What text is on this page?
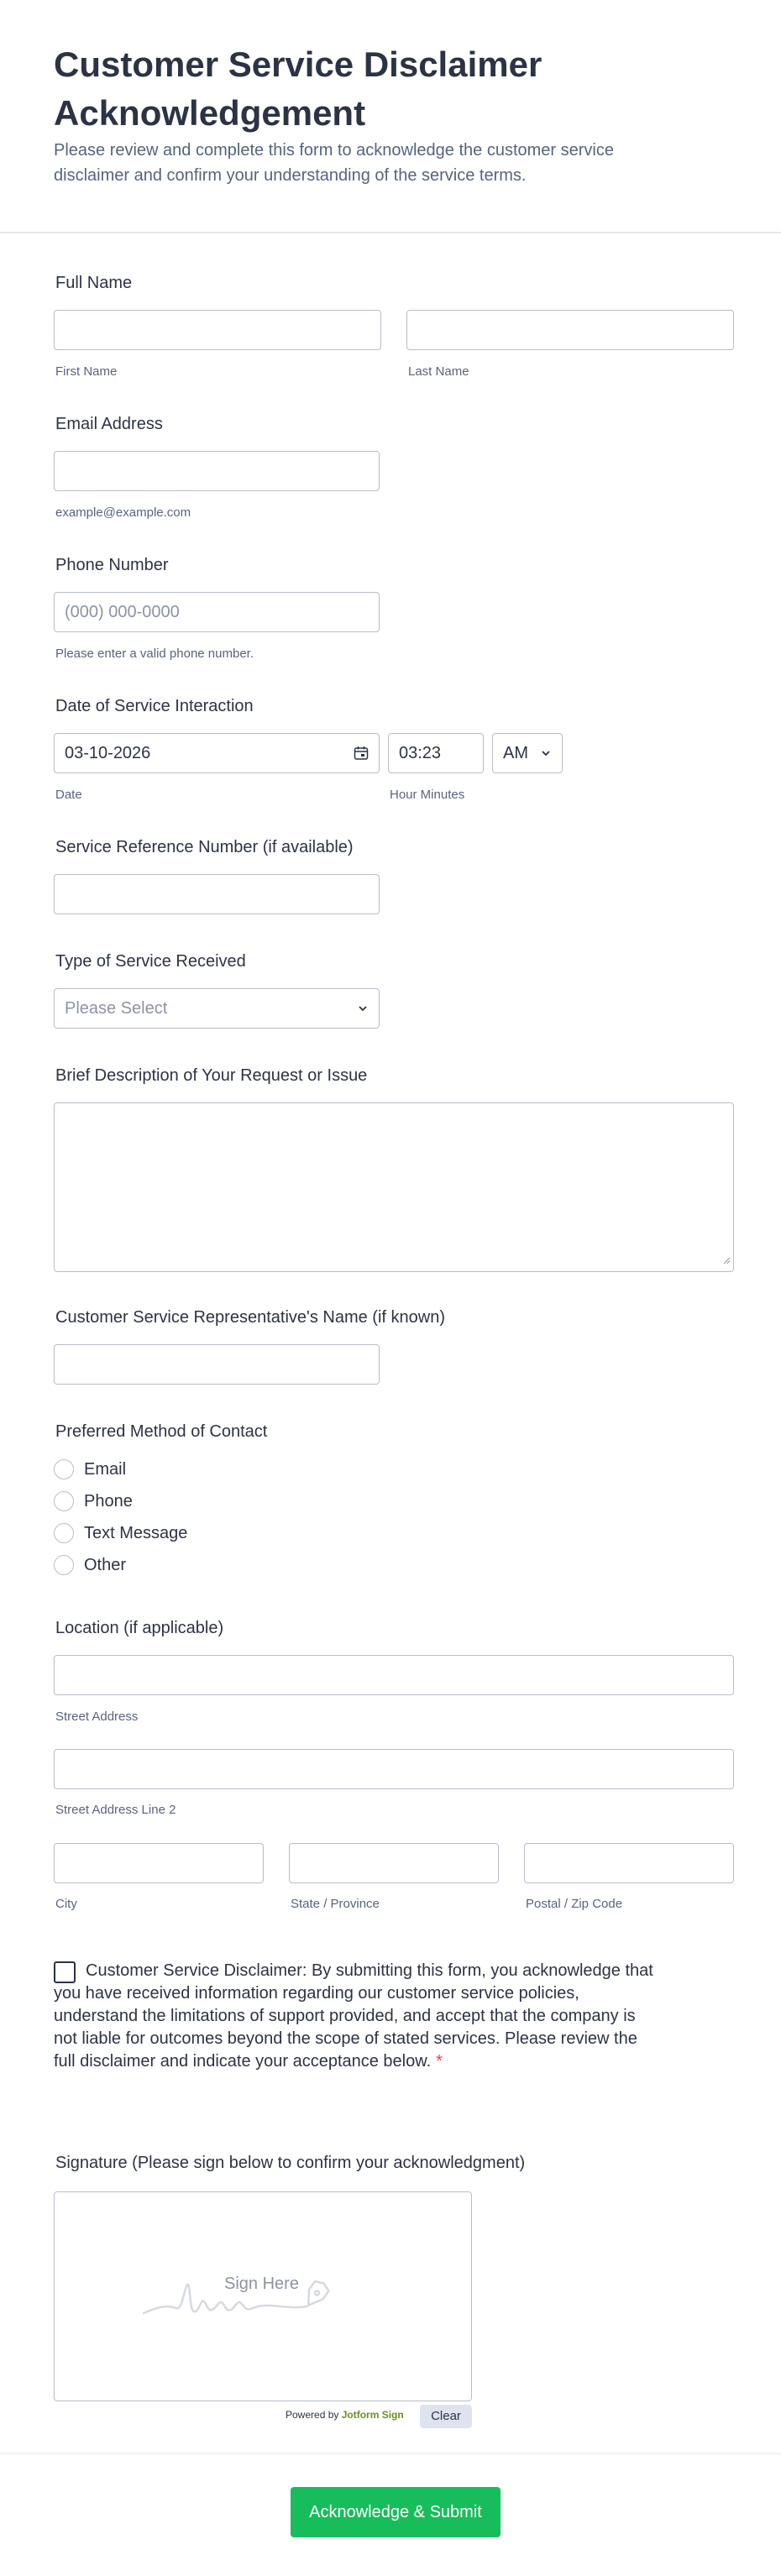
Customer Service Disclaimer Acknowledgement
Please review and complete this form to acknowledge the customer service disclaimer and confirm your understanding of the service terms.
Full Name
First Name	Last Name
Email Address
example@example.com
Phone Number
(000) 000-0000
Please enter a valid phone number.
Date of Service Interaction
03-10-2026
Date
03:23
Hour Minutes
AM
Service Reference Number (if available)
Type of Service Received
Please Select
Brief Description of Your Request or Issue
Customer Service Representative's Name (if known)
Preferred Method of Contact
Email
Phone
Text Message
Other
Location (if applicable)
Street Address
Street Address Line 2
City	State / Province	Postal / Zip Code
Customer Service Disclaimer: By submitting this form, you acknowledge that you have received information regarding our customer service policies, understand the limitations of support provided, and accept that the company is not liable for outcomes beyond the scope of stated services. Please review the full disclaimer and indicate your acceptance below. *
Signature (Please sign below to confirm your acknowledgment)
Sign Here
Powered by Jotform Sign	Clear
Acknowledge & Submit
